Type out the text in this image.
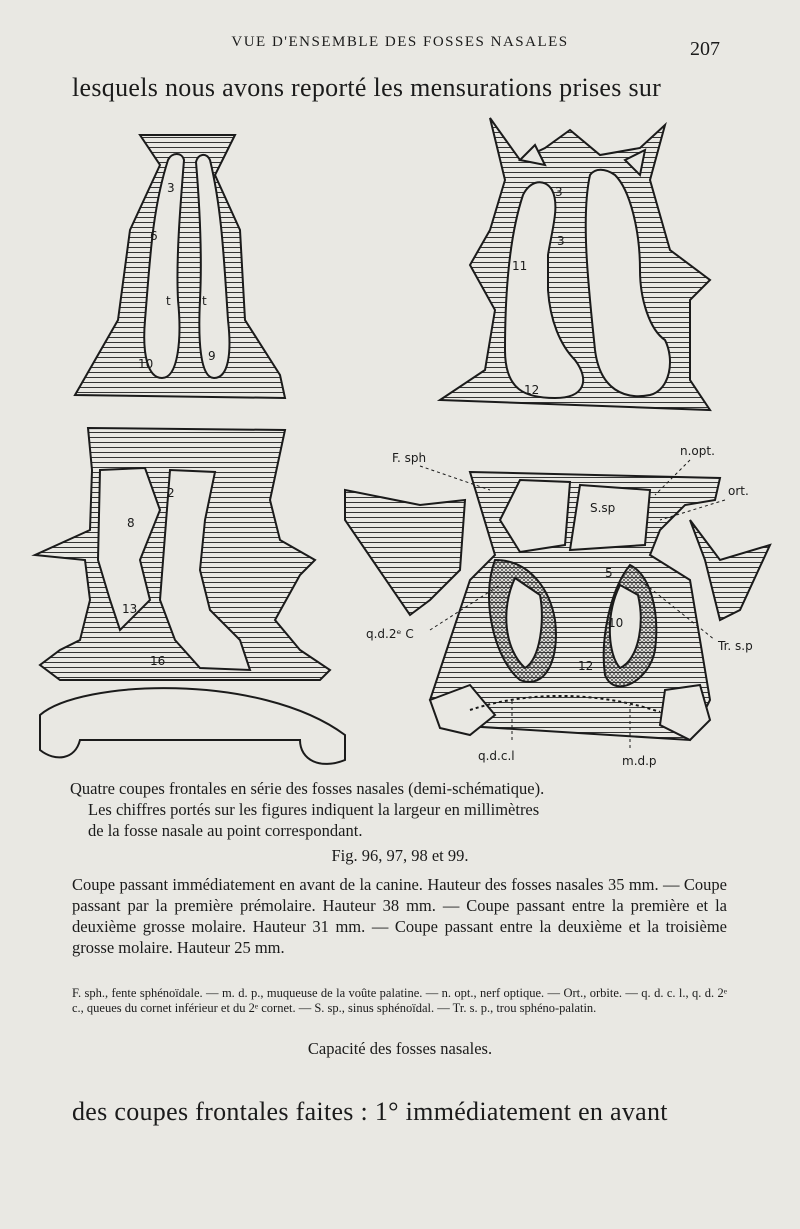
VUE D'ENSEMBLE DES FOSSES NASALES	207
lesquels nous avons reporté les mensurations prises sur
3
6
t	t
10
9
3
3
11
12
2
8
13
16
F. sph	n.opt.
ort.
S.sp
5
10
12
q.d.2ᵉ C
Tr. s.p
q.d.c.l	m.d.p
Quatre coupes frontales en série des fosses nasales (demi-schématique).
Les chiffres portés sur les figures indiquent la largeur en millimètres
de la fosse nasale au point correspondant.
Fig. 96, 97, 98 et 99.

Coupe passant immédiatement en avant de la canine. Hauteur des fosses nasales 35 mm. — Coupe passant par la première prémolaire. Hauteur 38 mm. — Coupe passant entre la première et la deuxième grosse molaire. Hauteur 31 mm. — Coupe passant entre la deuxième et la troisième grosse molaire. Hauteur 25 mm.

F. sph., fente sphénoïdale. — m. d. p., muqueuse de la voûte palatine. — n. opt., nerf optique. — Ort., orbite. — q. d. c. l., q. d. 2ᵉ c., queues du cornet inférieur et du 2ᵉ cornet. — S. sp., sinus sphénoïdal. — Tr. s. p., trou sphéno-palatin.
Capacité des fosses nasales.
des coupes frontales faites : 1° immédiatement en avant
